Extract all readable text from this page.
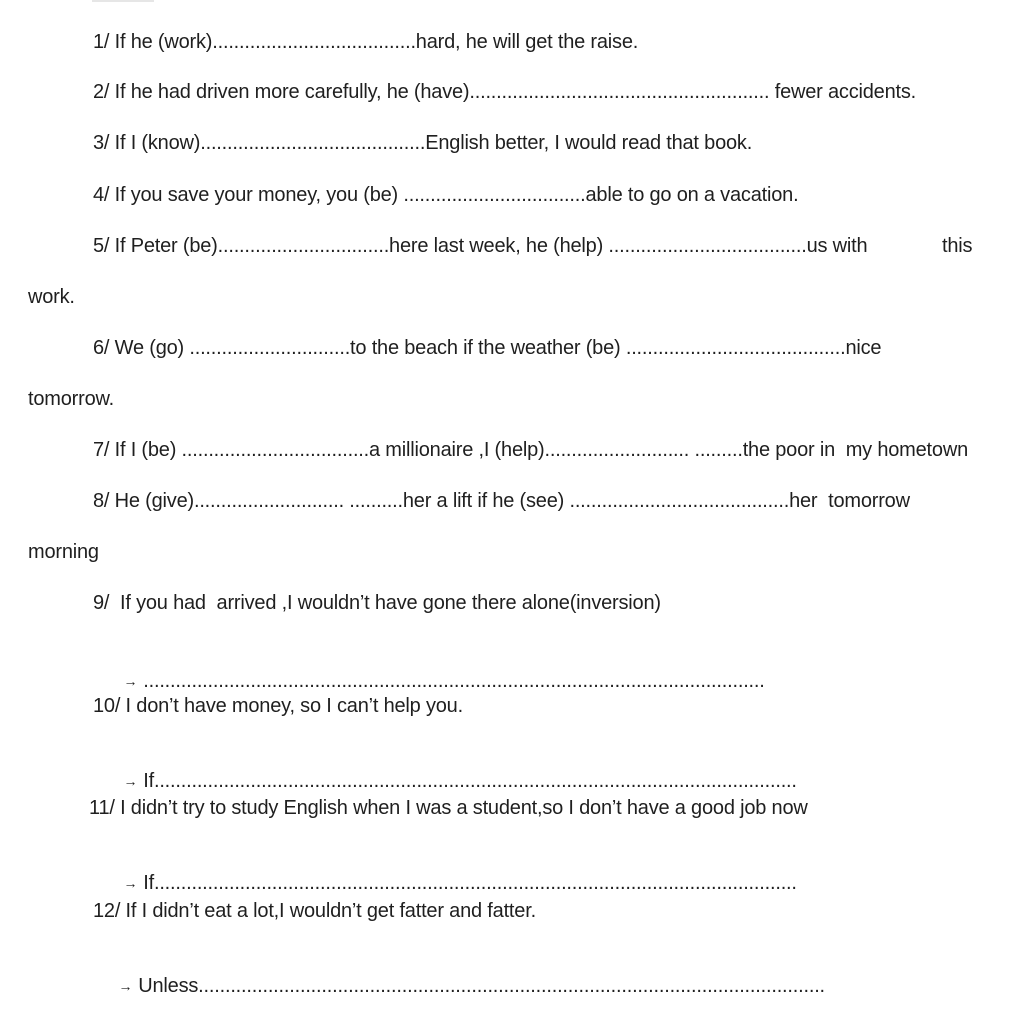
1/ If he (work)......................................hard, he will get the raise.
2/ If he had driven more carefully, he (have)........................................................ fewer accidents.
3/ If I (know)..........................................English better, I would read that book.
4/ If you save your money, you (be) ..................................able to go on a vacation.
5/ If Peter (be)................................here last week, he (help) .....................................us with	this
work.
6/ We (go) ..............................to the beach if the weather (be) .........................................nice
tomorrow.
7/ If I (be) ...................................a millionaire ,I (help)........................... .........the poor in  my hometown
8/ He (give)............................ ..........her a lift if he (see) .........................................her  tomorrow
morning
9/  If you had  arrived ,I wouldn’t have gone there alone(inversion)

→ ....................................................................................................................

10/ I don’t have money, so I can’t help you.

→ If........................................................................................................................

11/ I didn’t try to study English when I was a student,so I don’t have a good job now

→ If........................................................................................................................

12/ If I didn’t eat a lot,I wouldn’t get fatter and fatter.

→ Unless.....................................................................................................................
